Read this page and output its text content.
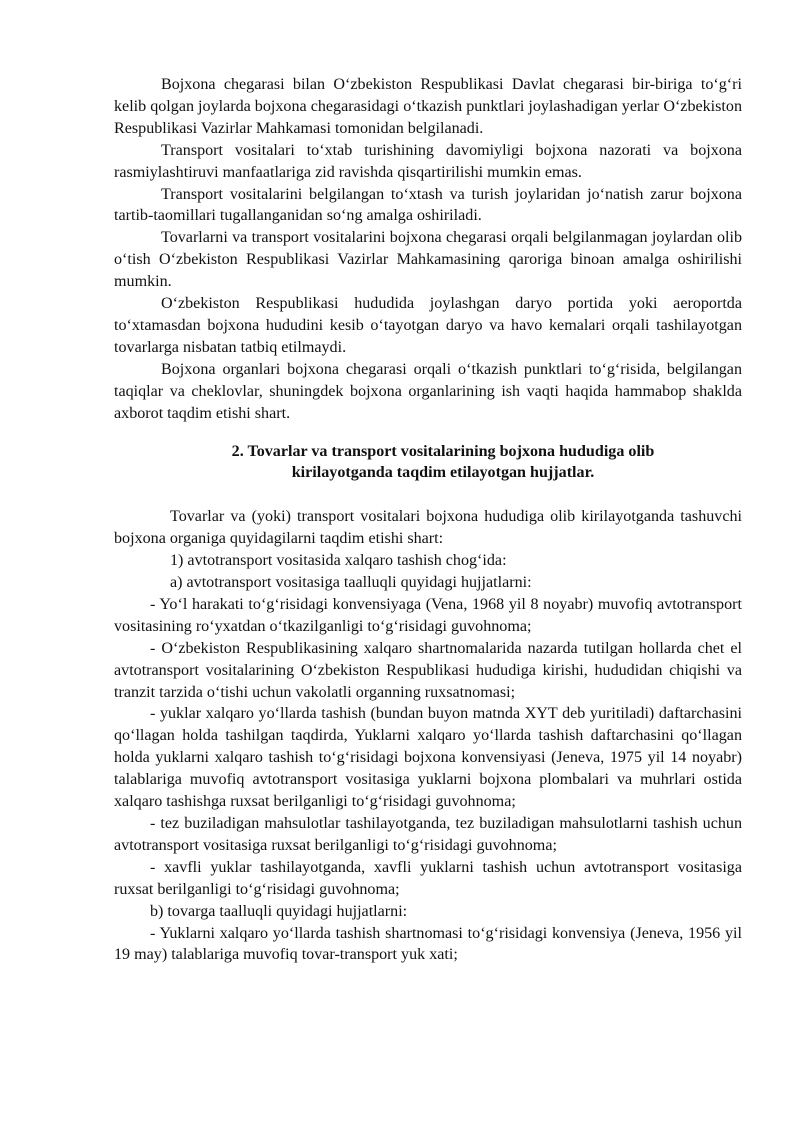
Bojxona chegarasi bilan O‘zbekiston Respublikasi Davlat chegarasi bir-biriga to‘g‘ri kelib qolgan joylarda bojxona chegarasidagi o‘tkazish punktlari joylashadigan yerlar O‘zbekiston Respublikasi Vazirlar Mahkamasi tomonidan belgilanadi.

Transport vositalari to‘xtab turishining davomiyligi bojxona nazorati va bojxona rasmiylashtiruvi manfaatlariga zid ravishda qisqartirilishi mumkin emas.

Transport vositalarini belgilangan to‘xtash va turish joylaridan jo‘natish zarur bojxona tartib-taomillari tugallanganidan so‘ng amalga oshiriladi.

Tovarlarni va transport vositalarini bojxona chegarasi orqali belgilanmagan joylardan olib o‘tish O‘zbekiston Respublikasi Vazirlar Mahkamasining qaroriga binoan amalga oshirilishi mumkin.

O‘zbekiston Respublikasi hududida joylashgan daryo portida yoki aeroportda to‘xtamasdan bojxona hududini kesib o‘tayotgan daryo va havo kemalari orqali tashilayotgan tovarlarga nisbatan tatbiq etilmaydi.

Bojxona organlari bojxona chegarasi orqali o‘tkazish punktlari to‘g‘risida, belgilangan taqiqlar va cheklovlar, shuningdek bojxona organlarining ish vaqti haqida hammabop shaklda axborot taqdim etishi shart.

2. Tovarlar va transport vositalarining bojxona hududiga olib
kirilayotganda taqdim etilayotgan hujjatlar.

Tovarlar va (yoki) transport vositalari bojxona hududiga olib kirilayotganda tashuvchi bojxona organiga quyidagilarni taqdim etishi shart:

1) avtotransport vositasida xalqaro tashish chog‘ida:

a) avtotransport vositasiga taalluqli quyidagi hujjatlarni:

- Yo‘l harakati to‘g‘risidagi konvensiyaga (Vena, 1968 yil 8 noyabr) muvofiq avtotransport vositasining ro‘yxatdan o‘tkazilganligi to‘g‘risidagi guvohnoma;

- O‘zbekiston Respublikasining xalqaro shartnomalarida nazarda tutilgan hollarda chet el avtotransport vositalarining O‘zbekiston Respublikasi hududiga kirishi, hududidan chiqishi va tranzit tarzida o‘tishi uchun vakolatli organning ruxsatnomasi;

- yuklar xalqaro yo‘llarda tashish (bundan buyon matnda XYT deb yuritiladi) daftarchasini qo‘llagan holda tashilgan taqdirda, Yuklarni xalqaro yo‘llarda tashish daftarchasini qo‘llagan holda yuklarni xalqaro tashish to‘g‘risidagi bojxona konvensiyasi (Jeneva, 1975 yil 14 noyabr) talablariga muvofiq avtotransport vositasiga yuklarni bojxona plombalari va muhrlari ostida xalqaro tashishga ruxsat berilganligi to‘g‘risidagi guvohnoma;

- tez buziladigan mahsulotlar tashilayotganda, tez buziladigan mahsulotlarni tashish uchun avtotransport vositasiga ruxsat berilganligi to‘g‘risidagi guvohnoma;

- xavfli yuklar tashilayotganda, xavfli yuklarni tashish uchun avtotransport vositasiga ruxsat berilganligi to‘g‘risidagi guvohnoma;

b) tovarga taalluqli quyidagi hujjatlarni:

- Yuklarni xalqaro yo‘llarda tashish shartnomasi to‘g‘risidagi konvensiya (Jeneva, 1956 yil 19 may) talablariga muvofiq tovar-transport yuk xati;
